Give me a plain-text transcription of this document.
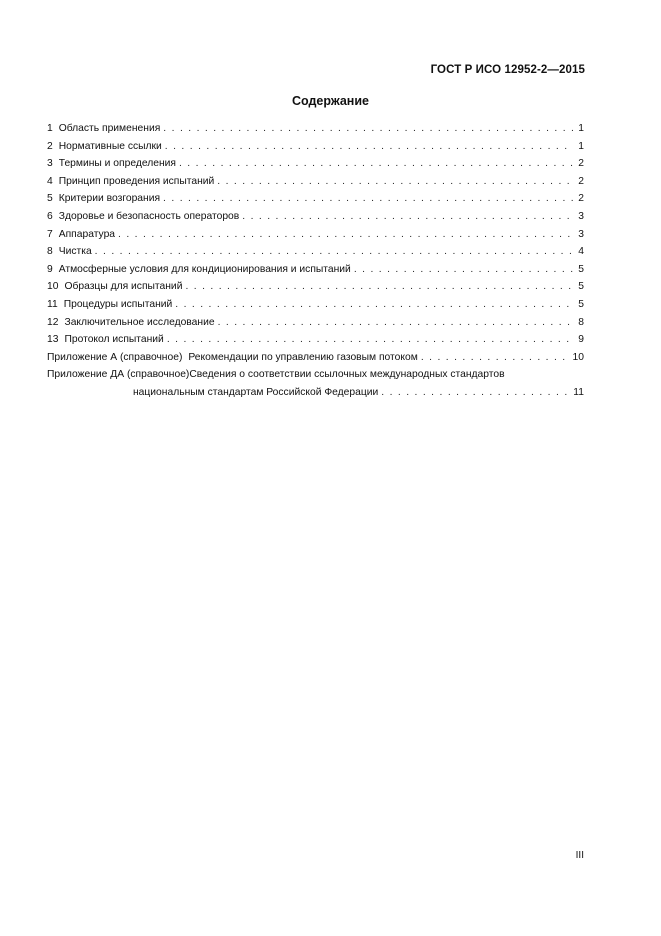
ГОСТ Р ИСО 12952-2—2015
Содержание
1 Область применения . . .	1
2 Нормативные ссылки . . .	1
3 Термины и определения . . .	2
4 Принцип проведения испытаний . . .	2
5 Критерии возгорания . . .	2
6 Здоровье и безопасность операторов . . .	3
7 Аппаратура . . .	3
8 Чистка . . .	4
9 Атмосферные условия для кондиционирования и испытаний . . .	5
10 Образцы для испытаний . . .	5
11 Процедуры испытаний . . .	5
12 Заключительное исследование . . .	8
13 Протокол испытаний . . .	9
Приложение А (справочное) Рекомендации по управлению газовым потоком . . .	10
Приложение ДА (справочное)Сведения о соответствии ссылочных международных стандартов
национальным стандартам Российской Федерации . . .	11
III
